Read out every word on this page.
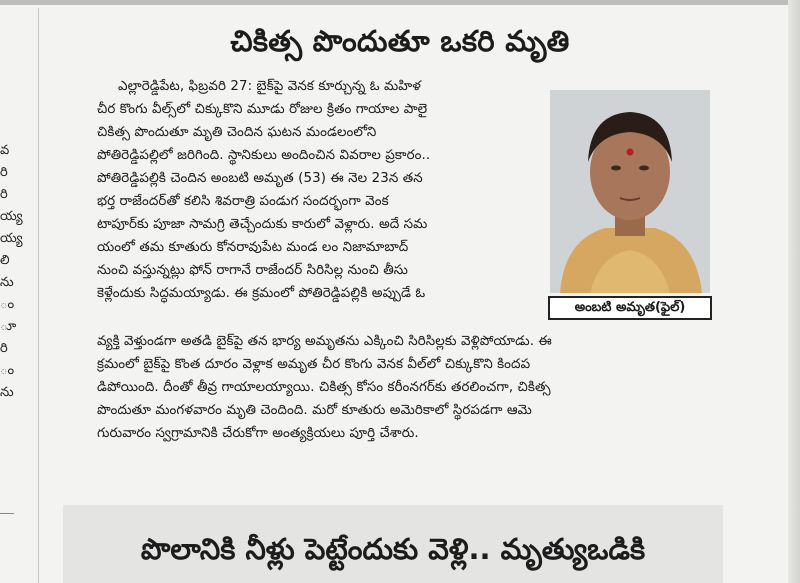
వ
రి
రి
య్య
య్య
లి
ను
ం
ూ
రి
ం
ను
చికిత్స పొందుతూ ఒకరి మృతి
అంబటి అమృత(ఫైల్)
ఎల్లారెడ్డిపేట, ఫిబ్రవరి 27: బైక్‌పై వెనక కూర్చున్న ఓ మహిళ
చీర కొంగు వీల్స్‌లో చిక్కుకొని మూడు రోజుల క్రితం గాయాల పాలై
చికిత్స పొందుతూ మృతి చెందిన ఘటన మండలంలోని
పోతిరెడ్డిపల్లిలో జరిగింది. స్థానికులు అందించిన వివరాల ప్రకారం..
పోతిరెడ్డిపల్లికి చెందిన అంబటి అమృత (53) ఈ నెల 23న తన
భర్త రాజేందర్‌తో కలిసి శివరాత్రి పండుగ సందర్భంగా వెంక
టాపూర్‌కు పూజా సామగ్రి తెచ్చేందుకు కారులో వెళ్లారు. అదే సమ
యంలో తమ కూతురు కోనరావుపేట మండ లం నిజామాబాద్
నుంచి వస్తున్నట్లు ఫోన్ రాగానే రాజేందర్ సిరిసిల్ల నుంచి తీసు
కెళ్లేందుకు సిద్ధమయ్యాడు. ఈ క్రమంలో పోతిరెడ్డిపల్లికి అప్పుడే ఓ
వ్యక్తి వెళ్తుండగా అతడి బైక్‌పై తన భార్య అమృతను ఎక్కించి సిరిసిల్లకు వెళ్లిపోయాడు. ఈ
క్రమంలో బైక్‌పై కొంత దూరం వెళ్లాక అమృత చీర కొంగు వెనక వీల్‌లో చిక్కుకొని కిందప
డిపోయింది. దీంతో తీవ్ర గాయాలయ్యాయి. చికిత్స కోసం కరీంనగర్‌కు తరలించగా, చికిత్స
పొందుతూ మంగళవారం మృతి చెందింది. మరో కూతురు అమెరికాలో స్థిరపడగా ఆమె
గురువారం స్వగ్రామానికి చేరుకోగా అంత్యక్రియలు పూర్తి చేశారు.
పొలానికి నీళ్లు పెట్టేందుకు వెళ్లి.. మృత్యుఒడికి
